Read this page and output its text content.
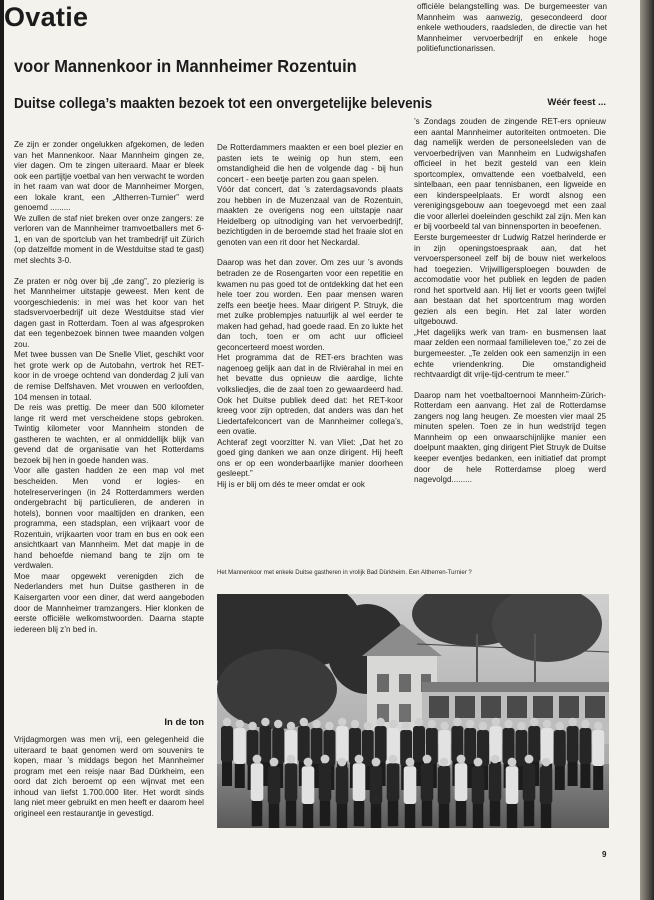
Ovatie
voor Mannenkoor in Mannheimer Rozentuin
Duitse collega’s maakten bezoek tot een onvergetelijke belevenis

Ze zijn er zonder ongelukken afgekomen, de leden van het Mannenkoor. Naar Mannheim gingen ze, vier dagen. Om te zingen uiteraard. Maar er bleek ook een partijtje voetbal van hen verwacht te worden in het raam van wat door de Mannheimer Morgen, een lokale krant, een „Altherren-Turnier” werd genoemd .........

We zullen de staf niet breken over onze zangers: ze verloren van de Mannheimer tramvoetballers met 6-1, en van de sportclub van het trambedrijf uit Zürich (op datzelfde moment in de Westduitse stad te gast) met slechts 3-0.

Ze praten er nòg over bij „de zang”, zo plezierig is het Mannheimer uitstapje geweest. Men kent de voorgeschiedenis: in mei was het koor van het stadsvervoerbedrijf uit deze Westduitse stad vier dagen gast in Rotterdam. Toen al was afgesproken dat een tegenbezoek binnen twee maanden volgen zou.

Met twee bussen van De Snelle Vliet, geschikt voor het grote werk op de Autobahn, vertrok het RET-koor in de vroege ochtend van donderdag 2 juli van de remise Delfshaven. Met vrouwen en verloofden, 104 mensen in totaal.

De reis was prettig. De meer dan 500 kilometer lange rit werd met verscheidene stops gebroken. Twintig kilometer voor Mannheim stonden de gastheren te wachten, er al onmiddellijk blijk van gevend dat de organisatie van het Rotterdams bezoek bij hen in goede handen was.

Voor alle gasten hadden ze een map vol met bescheiden. Men vond er logies- en hotelreserveringen (in 24 Rotterdammers werden ondergebracht bij particulieren, de anderen in hotels), bonnen voor maaltijden en dranken, een programma, een stadsplan, een vrijkaart voor de Rozentuin, vrijkaarten voor tram en bus en ook een ansichtkaart van Mannheim. Met dat mapje in de hand behoefde niemand bang te zijn om te verdwalen.

Moe maar opgewekt verenigden zich de Nederlanders met hun Duitse gastheren in de Kaisergarten voor een diner, dat werd aangeboden door de Mannheimer tramzangers. Hier klonken de eerste officiële welkomstwoorden. Daarna stapte iedereen blij z’n bed in.

In de ton

Vrijdagmorgen was men vrij, een gelegenheid die uiteraard te baat genomen werd om souvenirs te kopen, maar ’s middags begon het Mannheimer program met een reisje naar Bad Dürkheim, een oord dat zich beroemt op een wijnvat met een inhoud van liefst 1.700.000 liter. Het wordt sinds lang niet meer gebruikt en men heeft er daarom heel origineel een restaurantje in gevestigd.

De Rotterdammers maakten er een boel plezier en pasten iets te weinig op hun stem, een omstandigheid die hen de volgende dag - bij hun concert - een beetje parten zou gaan spelen.

Vóór dat concert, dat ’s zaterdagsavonds plaats zou hebben in de Muzenzaal van de Rozentuin, maakten ze overigens nog een uitstapje naar Heidelberg op uitnodiging van het vervoerbedrijf, bezichtigden in de beroemde stad het fraaie slot en genoten van een rit door het Neckardal.

Daarop was het dan zover. Om zes uur ’s avonds betraden ze de Rosengarten voor een repetitie en kwamen nu pas goed tot de ontdekking dat het een hele toer zou worden. Een paar mensen waren zelfs een beetje hees. Maar dirigent P. Struyk, die met zulke problempjes natuurlijk al wel eerder te maken had gehad, had goede raad. En zo lukte het dan toch, toen er om acht uur officieel geconcerteerd moest worden.

Het programma dat de RET-ers brachten was nagenoeg gelijk aan dat in de Rivièrahal in mei en het bevatte dus opnieuw die aardige, lichte volksliedjes, die de zaal toen zo gewaardeerd had. Ook het Duitse publiek deed dat: het RET-koor kreeg voor zijn optreden, dat anders was dan het Liedertafelconcert van de Mannheimer collega’s, een ovatie.

Achteraf zegt voorzitter N. van Vliet: „Dat het zo goed ging danken we aan onze dirigent. Hij heeft ons er op een wonderbaarlijke manier doorheen gesleept.”

Hij is er blij om dés te meer omdat er ook

officiële belangstelling was. De burgemeester van Mannheim was aanwezig, gesecondeerd door enkele wethouders, raadsleden, de directie van het Mannheimer vervoerbedrijf en enkele hoge politiefunctionarissen.

Wéér feest ...

’s Zondags zouden de zingende RET-ers opnieuw een aantal Mannheimer autoriteiten ontmoeten. Die dag namelijk werden de personeelsleden van de vervoerbedrijven van Mannheim en Ludwigshafen officieel in het bezit gesteld van een klein sportcomplex, omvattende een voetbalveld, een sintelbaan, een paar tennisbanen, een ligweide en een kinderspeelplaats. Er wordt alsnog een verenigingsgebouw aan toegevoegd met een zaal die voor allerlei doeleinden geschikt zal zijn. Men kan er bij voorbeeld tal van binnensporten in beoefenen.

Eerste burgemeester dr Ludwig Ratzel herinderde er in zijn openingstoespraak aan, dat het vervoerspersoneel zelf bij de bouw niet werkeloos had toegezien. Vrijwilligersploegen bouwden de accomodatie voor het publiek en legden de paden rond het sportveld aan. Hij liet er voorts geen twijfel aan bestaan dat het sportcentrum mag worden gezien als een begin. Het zal later worden uitgebouwd.

„Het dagelijks werk van tram- en busmensen laat maar zelden een normaal familieleven toe,” zo zei de burgemeester. „Te zelden ook een samenzijn in een echte vriendenkring. Die omstandigheid rechtvaardigt dit vrije-tijd-centrum te meer.”

Daarop nam het voetbaltoernooi Mannheim-Zürich-Rotterdam een aanvang. Het zal de Rotterdamse zangers nog lang heugen. Ze moesten vier maal 25 minuten spelen. Toen ze in hun wedstrijd tegen Mannheim op een onwaarschijnlijke manier een doelpunt maakten, ging dirigent Piet Struyk de Duitse keeper eventjes bedanken, een initiatief dat prompt door de hele Rotterdamse ploeg werd nagevolgd.........

Het Mannenkoor met enkele Duitse gastheren in vrolijk Bad Dürkheim. Een Altherren-Turnier ?
9
